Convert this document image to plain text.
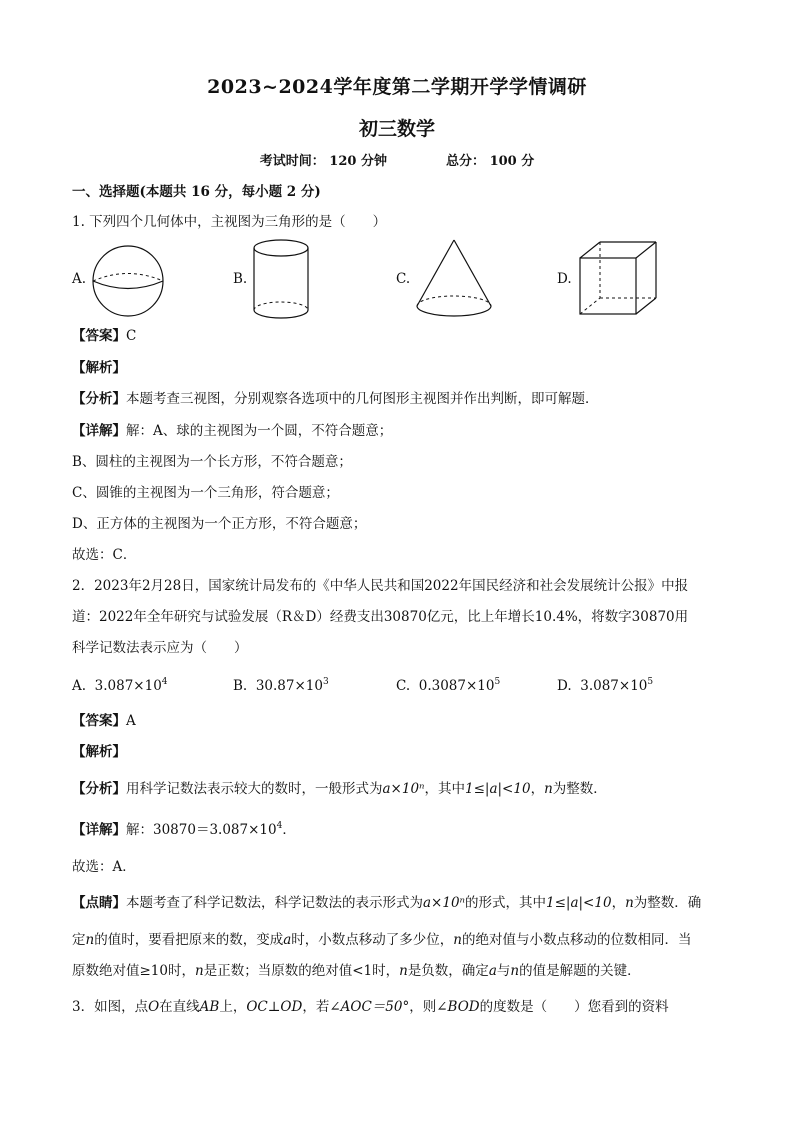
2023~2024学年度第二学期开学学情调研
初三数学
考试时间： 120 分钟	总分： 100 分
一、选择题(本题共 16 分，每小题 2 分)
1. 下列四个几何体中，主视图为三角形的是（　　）
A.	B.	C.	D.
【答案】C
【解析】
【分析】本题考查三视图，分别观察各选项中的几何图形主视图并作出判断，即可解题．
【详解】解：A、球的主视图为一个圆，不符合题意；
B、圆柱的主视图为一个长方形，不符合题意；
C、圆锥的主视图为一个三角形，符合题意；
D、正方体的主视图为一个正方形，不符合题意；
故选：C．
2．2023年2月28日，国家统计局发布的《中华人民共和国2022年国民经济和社会发展统计公报》中报
道：2022年全年研究与试验发展（R＆D）经费支出30870亿元，比上年增长10.4%，将数字30870用
科学记数法表示应为（　　）
A. $3.087\times 10^4$	B. $30.87\times 10^3$	C. $0.3087\times 10^5$	D. $3.087\times 10^5$
【答案】A
【解析】
【分析】用科学记数法表示较大的数时，一般形式为a×10ⁿ，其中1≤|a|<10，n为整数．
【详解】解：$30870=3.087\times 10^4$．
故选：A．
【点睛】本题考查了科学记数法，科学记数法的表示形式为a×10ⁿ的形式，其中1≤|a|<10，n为整数．确
定n的值时，要看把原来的数，变成a时，小数点移动了多少位，n的绝对值与小数点移动的位数相同．当
原数绝对值≥10时，n是正数；当原数的绝对值<1时，n是负数，确定a与n的值是解题的关键．
3．如图，点O在直线AB上，OC⊥OD，若∠AOC＝50°，则∠BOD的度数是（　　）您看到的资料
